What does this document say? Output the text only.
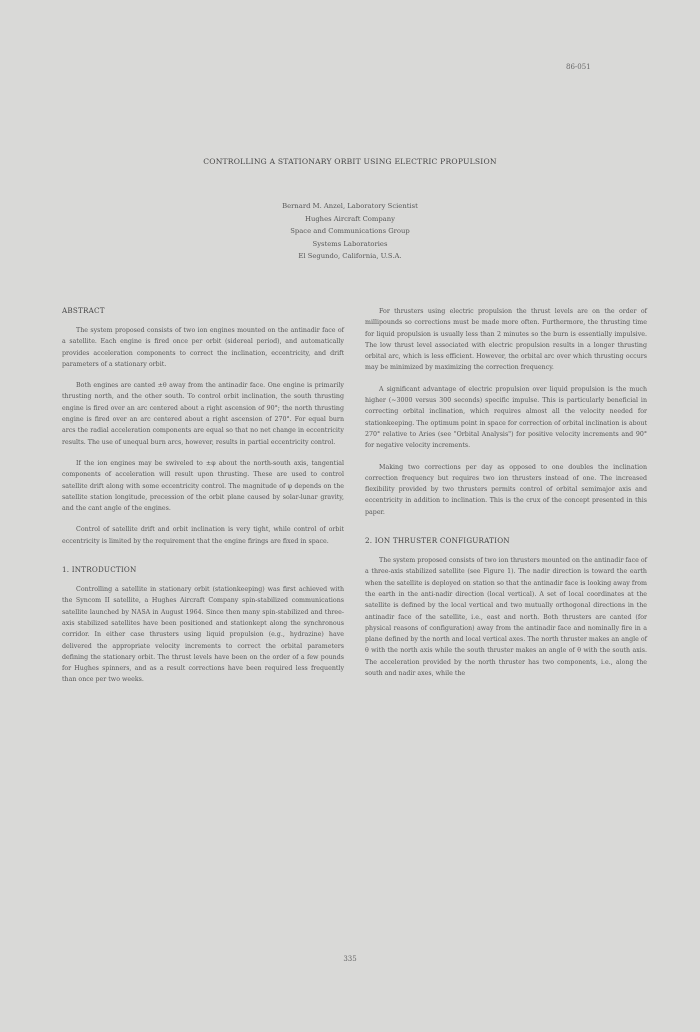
86-051
CONTROLLING A STATIONARY ORBIT USING ELECTRIC PROPULSION
Bernard M. Anzel, Laboratory Scientist
Hughes Aircraft Company
Space and Communications Group
Systems Laboratories
El Segundo, California, U.S.A.
ABSTRACT
The system proposed consists of two ion engines mounted on the antinadir face of a satellite. Each engine is fired once per orbit (sidereal period), and automatically provides acceleration components to correct the inclination, eccentricity, and drift parameters of a stationary orbit.
Both engines are canted ±θ away from the antinadir face. One engine is primarily thrusting north, and the other south. To control orbit inclination, the south thrusting engine is fired over an arc centered about a right ascension of 90°; the north thrusting engine is fired over an arc centered about a right ascension of 270°. For equal burn arcs the radial acceleration components are equal so that no net change in eccentricity results. The use of unequal burn arcs, however, results in partial eccentricity control.
If the ion engines may be swiveled to ±φ about the north-south axis, tangential components of acceleration will result upon thrusting. These are used to control satellite drift along with some eccentricity control. The magnitude of φ depends on the satellite station longitude, precession of the orbit plane caused by solar-lunar gravity, and the cant angle of the engines.
Control of satellite drift and orbit inclination is very tight, while control of orbit eccentricity is limited by the requirement that the engine firings are fixed in space.
1. INTRODUCTION
Controlling a satellite in stationary orbit (stationkeeping) was first achieved with the Syncom II satellite, a Hughes Aircraft Company spin-stabilized communications satellite launched by NASA in August 1964. Since then many spin-stabilized and three-axis stabilized satellites have been positioned and stationkept along the synchronous corridor. In either case thrusters using liquid propulsion (e.g., hydrazine) have delivered the appropriate velocity increments to correct the orbital parameters defining the stationary orbit. The thrust levels have been on the order of a few pounds for Hughes spinners, and as a result corrections have been required less frequently than once per two weeks.
For thrusters using electric propulsion the thrust levels are on the order of millipounds so corrections must be made more often. Furthermore, the thrusting time for liquid propulsion is usually less than 2 minutes so the burn is essentially impulsive. The low thrust level associated with electric propulsion results in a longer thrusting orbital arc, which is less efficient. However, the orbital arc over which thrusting occurs may be minimized by maximizing the correction frequency.
A significant advantage of electric propulsion over liquid propulsion is the much higher (~3000 versus 300 seconds) specific impulse. This is particularly beneficial in correcting orbital inclination, which requires almost all the velocity needed for stationkeeping. The optimum point in space for correction of orbital inclination is about 270° relative to Aries (see "Orbital Analysis") for positive velocity increments and 90° for negative velocity increments.
Making two corrections per day as opposed to one doubles the inclination correction frequency but requires two ion thrusters instead of one. The increased flexibility provided by two thrusters permits control of orbital semimajor axis and eccentricity in addition to inclination. This is the crux of the concept presented in this paper.
2. ION THRUSTER CONFIGURATION
The system proposed consists of two ion thrusters mounted on the antinadir face of a three-axis stabilized satellite (see Figure 1). The nadir direction is toward the earth when the satellite is deployed on station so that the antinadir face is looking away from the earth in the anti-nadir direction (local vertical). A set of local coordinates at the satellite is defined by the local vertical and two mutually orthogonal directions in the antinadir face of the satellite, i.e., east and north. Both thrusters are canted (for physical reasons of configuration) away from the antinadir face and nominally fire in a plane defined by the north and local vertical axes. The north thruster makes an angle of θ with the north axis while the south thruster makes an angle of θ with the south axis. The acceleration provided by the north thruster has two components, i.e., along the south and nadir axes, while the
335
